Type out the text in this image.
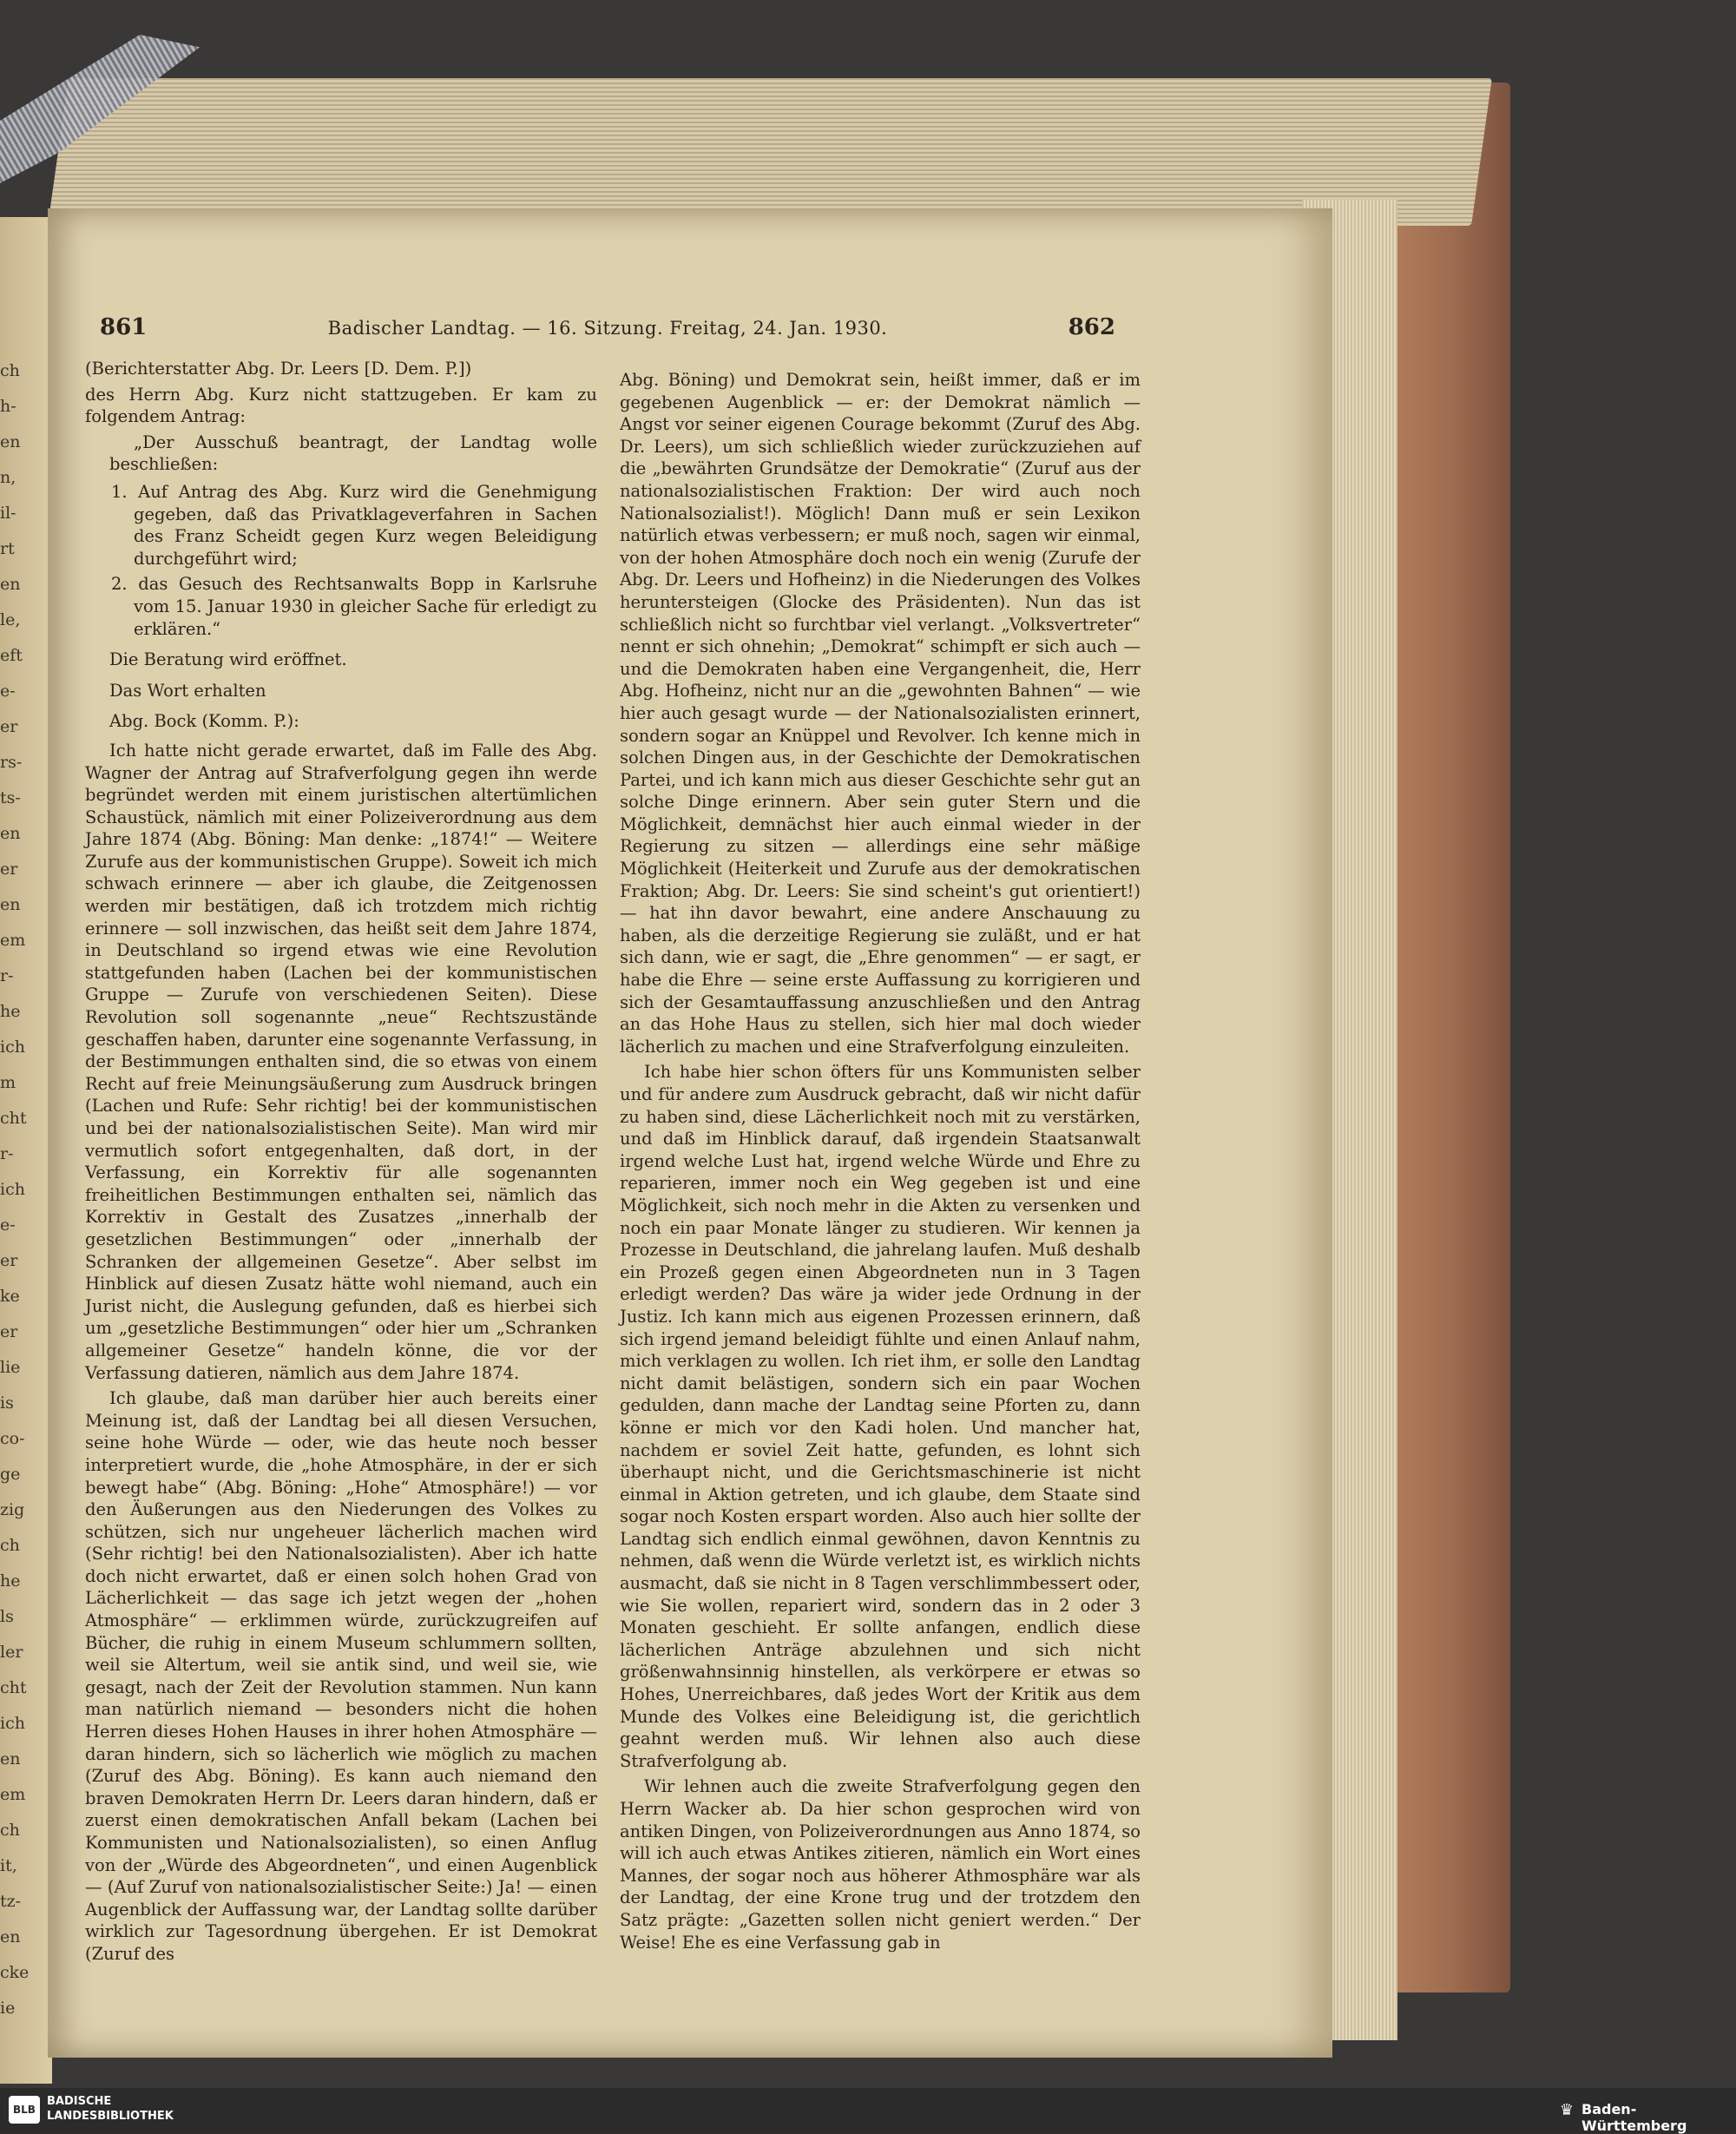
ch
h-
en
n,
il-
rt
en
le,
eft
e-
er
rs-
ts-
en
er
en
em
r-
he
ich
m
cht
r-
ich
e-
er
ke
er
lie
is
co-
ge
zig
ch
he
ls
ler
cht
ich
en
em
ch
it,
tz-
en
cke
ie
861	Badischer Landtag. — 16. Sitzung. Freitag, 24. Jan. 1930.	862

(Berichterstatter Abg. Dr. Leers [D. Dem. P.])

des Herrn Abg. Kurz nicht stattzugeben. Er kam zu folgendem Antrag:

„Der Ausschuß beantragt, der Landtag wolle beschließen:

1. Auf Antrag des Abg. Kurz wird die Genehmigung gegeben, daß das Privatklageverfahren in Sachen des Franz Scheidt gegen Kurz wegen Beleidigung durchgeführt wird;

2. das Gesuch des Rechtsanwalts Bopp in Karlsruhe vom 15. Januar 1930 in gleicher Sache für erledigt zu erklären.“

Die Beratung wird eröffnet.

Das Wort erhalten

Abg. Bock (Komm. P.):

Ich hatte nicht gerade erwartet, daß im Falle des Abg. Wagner der Antrag auf Strafverfolgung gegen ihn werde begründet werden mit einem juristischen altertümlichen Schaustück, nämlich mit einer Polizeiverordnung aus dem Jahre 1874 (Abg. Böning: Man denke: „1874!“ — Weitere Zurufe aus der kommunistischen Gruppe). Soweit ich mich schwach erinnere — aber ich glaube, die Zeitgenossen werden mir bestätigen, daß ich trotzdem mich richtig erinnere — soll inzwischen, das heißt seit dem Jahre 1874, in Deutschland so irgend etwas wie eine Revolution stattgefunden haben (Lachen bei der kommunistischen Gruppe — Zurufe von verschiedenen Seiten). Diese Revolution soll sogenannte „neue“ Rechtszustände geschaffen haben, darunter eine sogenannte Verfassung, in der Bestimmungen enthalten sind, die so etwas von einem Recht auf freie Meinungsäußerung zum Ausdruck bringen (Lachen und Rufe: Sehr richtig! bei der kommunistischen und bei der nationalsozialistischen Seite). Man wird mir vermutlich sofort entgegenhalten, daß dort, in der Verfassung, ein Korrektiv für alle sogenannten freiheitlichen Bestimmungen enthalten sei, nämlich das Korrektiv in Gestalt des Zusatzes „innerhalb der gesetzlichen Bestimmungen“ oder „innerhalb der Schranken der allgemeinen Gesetze“. Aber selbst im Hinblick auf diesen Zusatz hätte wohl niemand, auch ein Jurist nicht, die Auslegung gefunden, daß es hierbei sich um „gesetzliche Bestimmungen“ oder hier um „Schranken allgemeiner Gesetze“ handeln könne, die vor der Verfassung datieren, nämlich aus dem Jahre 1874.

Ich glaube, daß man darüber hier auch bereits einer Meinung ist, daß der Landtag bei all diesen Versuchen, seine hohe Würde — oder, wie das heute noch besser interpretiert wurde, die „hohe Atmosphäre, in der er sich bewegt habe“ (Abg. Böning: „Hohe“ Atmosphäre!) — vor den Äußerungen aus den Niederungen des Volkes zu schützen, sich nur ungeheuer lächerlich machen wird (Sehr richtig! bei den Nationalsozialisten). Aber ich hatte doch nicht erwartet, daß er einen solch hohen Grad von Lächerlichkeit — das sage ich jetzt wegen der „hohen Atmosphäre“ — erklimmen würde, zurückzugreifen auf Bücher, die ruhig in einem Museum schlummern sollten, weil sie Altertum, weil sie antik sind, und weil sie, wie gesagt, nach der Zeit der Revolution stammen. Nun kann man natürlich niemand — besonders nicht die hohen Herren dieses Hohen Hauses in ihrer hohen Atmosphäre — daran hindern, sich so lächerlich wie möglich zu machen (Zuruf des Abg. Böning). Es kann auch niemand den braven Demokraten Herrn Dr. Leers daran hindern, daß er zuerst einen demokratischen Anfall bekam (Lachen bei Kommunisten und Nationalsozialisten), so einen Anflug von der „Würde des Abgeordneten“, und einen Augenblick — (Auf Zuruf von nationalsozialistischer Seite:) Ja! — einen Augenblick der Auffassung war, der Landtag sollte darüber wirklich zur Tagesordnung übergehen. Er ist Demokrat (Zuruf des

Abg. Böning) und Demokrat sein, heißt immer, daß er im gegebenen Augenblick — er: der Demokrat nämlich — Angst vor seiner eigenen Courage bekommt (Zuruf des Abg. Dr. Leers), um sich schließlich wieder zurückzuziehen auf die „bewährten Grundsätze der Demokratie“ (Zuruf aus der nationalsozialistischen Fraktion: Der wird auch noch Nationalsozialist!). Möglich! Dann muß er sein Lexikon natürlich etwas verbessern; er muß noch, sagen wir einmal, von der hohen Atmosphäre doch noch ein wenig (Zurufe der Abg. Dr. Leers und Hofheinz) in die Niederungen des Volkes heruntersteigen (Glocke des Präsidenten). Nun das ist schließlich nicht so furchtbar viel verlangt. „Volksvertreter“ nennt er sich ohnehin; „Demokrat“ schimpft er sich auch — und die Demokraten haben eine Vergangenheit, die, Herr Abg. Hofheinz, nicht nur an die „gewohnten Bahnen“ — wie hier auch gesagt wurde — der Nationalsozialisten erinnert, sondern sogar an Knüppel und Revolver. Ich kenne mich in solchen Dingen aus, in der Geschichte der Demokratischen Partei, und ich kann mich aus dieser Geschichte sehr gut an solche Dinge erinnern. Aber sein guter Stern und die Möglichkeit, demnächst hier auch einmal wieder in der Regierung zu sitzen — allerdings eine sehr mäßige Möglichkeit (Heiterkeit und Zurufe aus der demokratischen Fraktion; Abg. Dr. Leers: Sie sind scheint's gut orientiert!) — hat ihn davor bewahrt, eine andere Anschauung zu haben, als die derzeitige Regierung sie zuläßt, und er hat sich dann, wie er sagt, die „Ehre genommen“ — er sagt, er habe die Ehre — seine erste Auffassung zu korrigieren und sich der Gesamtauffassung anzuschließen und den Antrag an das Hohe Haus zu stellen, sich hier mal doch wieder lächerlich zu machen und eine Strafverfolgung einzuleiten.

Ich habe hier schon öfters für uns Kommunisten selber und für andere zum Ausdruck gebracht, daß wir nicht dafür zu haben sind, diese Lächerlichkeit noch mit zu verstärken, und daß im Hinblick darauf, daß irgendein Staatsanwalt irgend welche Lust hat, irgend welche Würde und Ehre zu reparieren, immer noch ein Weg gegeben ist und eine Möglichkeit, sich noch mehr in die Akten zu versenken und noch ein paar Monate länger zu studieren. Wir kennen ja Prozesse in Deutschland, die jahrelang laufen. Muß deshalb ein Prozeß gegen einen Abgeordneten nun in 3 Tagen erledigt werden? Das wäre ja wider jede Ordnung in der Justiz. Ich kann mich aus eigenen Prozessen erinnern, daß sich irgend jemand beleidigt fühlte und einen Anlauf nahm, mich verklagen zu wollen. Ich riet ihm, er solle den Landtag nicht damit belästigen, sondern sich ein paar Wochen gedulden, dann mache der Landtag seine Pforten zu, dann könne er mich vor den Kadi holen. Und mancher hat, nachdem er soviel Zeit hatte, gefunden, es lohnt sich überhaupt nicht, und die Gerichtsmaschinerie ist nicht einmal in Aktion getreten, und ich glaube, dem Staate sind sogar noch Kosten erspart worden. Also auch hier sollte der Landtag sich endlich einmal gewöhnen, davon Kenntnis zu nehmen, daß wenn die Würde verletzt ist, es wirklich nichts ausmacht, daß sie nicht in 8 Tagen verschlimmbessert oder, wie Sie wollen, repariert wird, sondern das in 2 oder 3 Monaten geschieht. Er sollte anfangen, endlich diese lächerlichen Anträge abzulehnen und sich nicht größenwahnsinnig hinstellen, als verkörpere er etwas so Hohes, Unerreichbares, daß jedes Wort der Kritik aus dem Munde des Volkes eine Beleidigung ist, die gerichtlich geahnt werden muß. Wir lehnen also auch diese Strafverfolgung ab.

Wir lehnen auch die zweite Strafverfolgung gegen den Herrn Wacker ab. Da hier schon gesprochen wird von antiken Dingen, von Polizeiverordnungen aus Anno 1874, so will ich auch etwas Antikes zitieren, nämlich ein Wort eines Mannes, der sogar noch aus höherer Athmosphäre war als der Landtag, der eine Krone trug und der trotzdem den Satz prägte: „Gazetten sollen nicht geniert werden.“ Der Weise! Ehe es eine Verfassung gab in

BLB
BADISCHE
LANDESBIBLIOTHEK	♛ Baden-Württemberg
